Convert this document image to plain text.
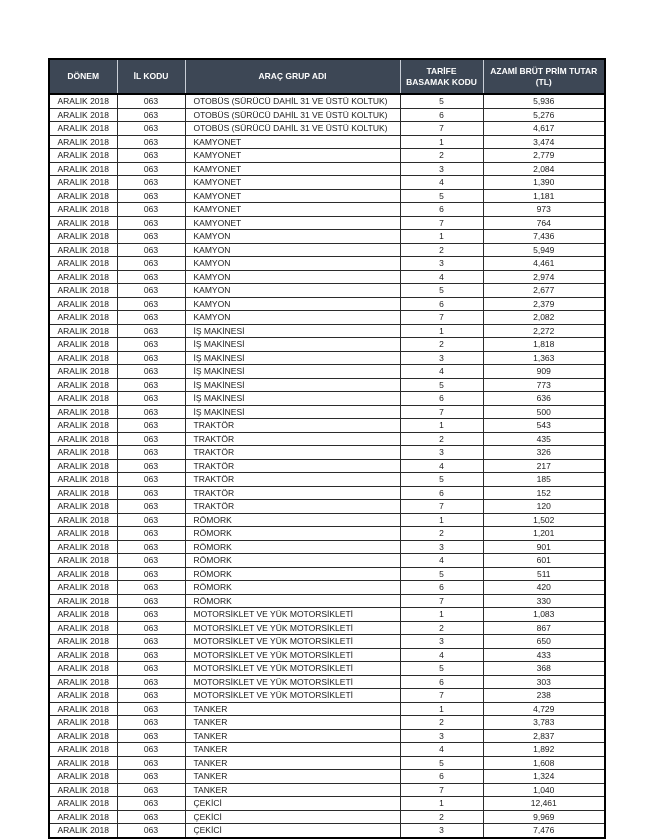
DÖNEM	İL KODU	ARAÇ GRUP ADI	TARİFE BASAMAK KODU	AZAMİ BRÜT PRİM TUTAR (TL)
ARALIK 2018	063	OTOBÜS (SÜRÜCÜ DAHİL 31 VE ÜSTÜ KOLTUK)	5	5,936
ARALIK 2018	063	OTOBÜS (SÜRÜCÜ DAHİL 31 VE ÜSTÜ KOLTUK)	6	5,276
ARALIK 2018	063	OTOBÜS (SÜRÜCÜ DAHİL 31 VE ÜSTÜ KOLTUK)	7	4,617
ARALIK 2018	063	KAMYONET	1	3,474
ARALIK 2018	063	KAMYONET	2	2,779
ARALIK 2018	063	KAMYONET	3	2,084
ARALIK 2018	063	KAMYONET	4	1,390
ARALIK 2018	063	KAMYONET	5	1,181
ARALIK 2018	063	KAMYONET	6	973
ARALIK 2018	063	KAMYONET	7	764
ARALIK 2018	063	KAMYON	1	7,436
ARALIK 2018	063	KAMYON	2	5,949
ARALIK 2018	063	KAMYON	3	4,461
ARALIK 2018	063	KAMYON	4	2,974
ARALIK 2018	063	KAMYON	5	2,677
ARALIK 2018	063	KAMYON	6	2,379
ARALIK 2018	063	KAMYON	7	2,082
ARALIK 2018	063	İŞ MAKİNESİ	1	2,272
ARALIK 2018	063	İŞ MAKİNESİ	2	1,818
ARALIK 2018	063	İŞ MAKİNESİ	3	1,363
ARALIK 2018	063	İŞ MAKİNESİ	4	909
ARALIK 2018	063	İŞ MAKİNESİ	5	773
ARALIK 2018	063	İŞ MAKİNESİ	6	636
ARALIK 2018	063	İŞ MAKİNESİ	7	500
ARALIK 2018	063	TRAKTÖR	1	543
ARALIK 2018	063	TRAKTÖR	2	435
ARALIK 2018	063	TRAKTÖR	3	326
ARALIK 2018	063	TRAKTÖR	4	217
ARALIK 2018	063	TRAKTÖR	5	185
ARALIK 2018	063	TRAKTÖR	6	152
ARALIK 2018	063	TRAKTÖR	7	120
ARALIK 2018	063	RÖMORK	1	1,502
ARALIK 2018	063	RÖMORK	2	1,201
ARALIK 2018	063	RÖMORK	3	901
ARALIK 2018	063	RÖMORK	4	601
ARALIK 2018	063	RÖMORK	5	511
ARALIK 2018	063	RÖMORK	6	420
ARALIK 2018	063	RÖMORK	7	330
ARALIK 2018	063	MOTORSİKLET VE YÜK MOTORSİKLETİ	1	1,083
ARALIK 2018	063	MOTORSİKLET VE YÜK MOTORSİKLETİ	2	867
ARALIK 2018	063	MOTORSİKLET VE YÜK MOTORSİKLETİ	3	650
ARALIK 2018	063	MOTORSİKLET VE YÜK MOTORSİKLETİ	4	433
ARALIK 2018	063	MOTORSİKLET VE YÜK MOTORSİKLETİ	5	368
ARALIK 2018	063	MOTORSİKLET VE YÜK MOTORSİKLETİ	6	303
ARALIK 2018	063	MOTORSİKLET VE YÜK MOTORSİKLETİ	7	238
ARALIK 2018	063	TANKER	1	4,729
ARALIK 2018	063	TANKER	2	3,783
ARALIK 2018	063	TANKER	3	2,837
ARALIK 2018	063	TANKER	4	1,892
ARALIK 2018	063	TANKER	5	1,608
ARALIK 2018	063	TANKER	6	1,324
ARALIK 2018	063	TANKER	7	1,040
ARALIK 2018	063	ÇEKİCİ	1	12,461
ARALIK 2018	063	ÇEKİCİ	2	9,969
ARALIK 2018	063	ÇEKİCİ	3	7,476
